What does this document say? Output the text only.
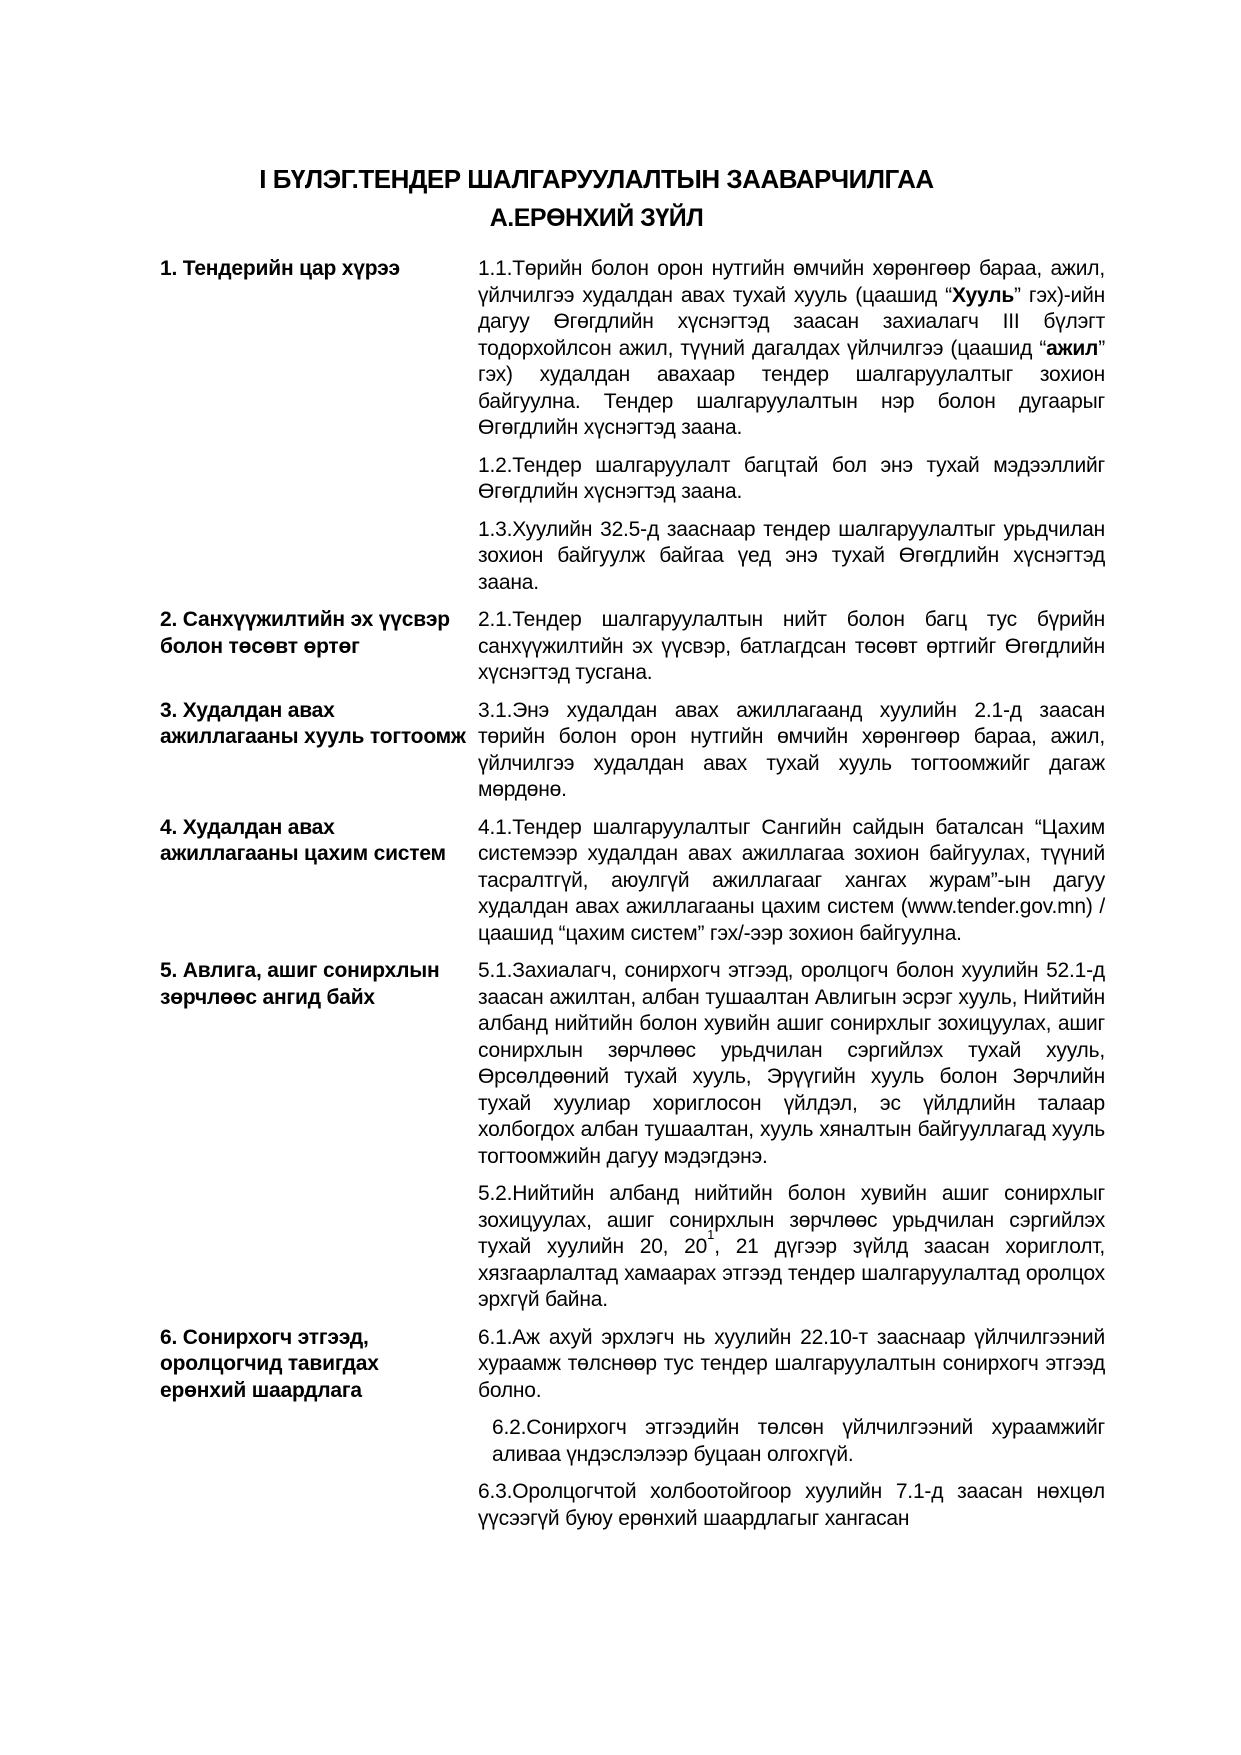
I БҮЛЭГ.ТЕНДЕР ШАЛГАРУУЛАЛТЫН ЗААВАРЧИЛГАА
А.ЕРӨНХИЙ ЗҮЙЛ
1. Тендерийн цар хүрээ	1.1.Төрийн болон орон нутгийн өмчийн хөрөнгөөр бараа, ажил, үйлчилгээ худалдан авах тухай хууль (цаашид “Хууль” гэх)-ийн дагуу Өгөгдлийн хүснэгтэд заасан захиалагч III бүлэгт тодорхойлсон ажил, түүний дагалдах үйлчилгээ (цаашид “ажил” гэх) худалдан авахаар тендер шалгаруулалтыг зохион байгуулна. Тендер шалгаруулалтын нэр болон дугаарыг Өгөгдлийн хүснэгтэд заана.

1.2.Тендер шалгаруулалт багцтай бол энэ тухай мэдээллийг Өгөгдлийн хүснэгтэд заана.

1.3.Хуулийн 32.5-д зааснаар тендер шалгаруулалтыг урьдчилан зохион байгуулж байгаа үед энэ тухай Өгөгдлийн хүснэгтэд заана.

2. Санхүүжилтийн эх үүсвэр болон төсөвт өртөг

2.1.Тендер шалгаруулалтын нийт болон багц тус бүрийн санхүүжилтийн эх үүсвэр, батлагдсан төсөвт өртгийг Өгөгдлийн хүснэгтэд тусгана.

3. Худалдан авах ажиллагааны хууль тогтоомж

3.1.Энэ худалдан авах ажиллагаанд хуулийн 2.1-д заасан төрийн болон орон нутгийн өмчийн хөрөнгөөр бараа, ажил, үйлчилгээ худалдан авах тухай хууль тогтоомжийг дагаж мөрдөнө.

4. Худалдан авах ажиллагааны цахим систем

4.1.Тендер шалгаруулалтыг Сангийн сайдын баталсан “Цахим системээр худалдан авах ажиллагаа зохион байгуулах, түүний тасралтгүй, аюулгүй ажиллагааг хангах журам”-ын дагуу худалдан авах ажиллагааны цахим систем (www.tender.gov.mn) /цаашид “цахим систем” гэх/-ээр зохион байгуулна.

5. Авлига, ашиг сонирхлын зөрчлөөс ангид байх

5.1.Захиалагч, сонирхогч этгээд, оролцогч болон хуулийн 52.1-д заасан ажилтан, албан тушаалтан Авлигын эсрэг хууль, Нийтийн албанд нийтийн болон хувийн ашиг сонирхлыг зохицуулах, ашиг сонирхлын зөрчлөөс урьдчилан сэргийлэх тухай хууль, Өрсөлдөөний тухай хууль, Эрүүгийн хууль болон Зөрчлийн тухай хуулиар хориглосон үйлдэл, эс үйлдлийн талаар холбогдох албан тушаалтан, хууль хяналтын байгууллагад хууль тогтоомжийн дагуу мэдэгдэнэ.

5.2.Нийтийн албанд нийтийн болон хувийн ашиг сонирхлыг зохицуулах, ашиг сонирхлын зөрчлөөс урьдчилан сэргийлэх тухай хуулийн 20, $20^1$, 21 дүгээр зүйлд заасан хориглолт, хязгаарлалтад хамаарах этгээд тендер шалгаруулалтад оролцох эрхгүй байна.

6. Сонирхогч этгээд, оролцогчид тавигдах ерөнхий шаардлага

6.1.Аж ахуй эрхлэгч нь хуулийн 22.10-т зааснаар үйлчилгээний хураамж төлснөөр тус тендер шалгаруулалтын сонирхогч этгээд болно.

6.2.Сонирхогч этгээдийн төлсөн үйлчилгээний хураамжийг аливаа үндэслэлээр буцаан олгохгүй.

6.3.Оролцогчтой холбоотойгоор хуулийн 7.1-д заасан нөхцөл үүсээгүй буюу ерөнхий шаардлагыг хангасан
